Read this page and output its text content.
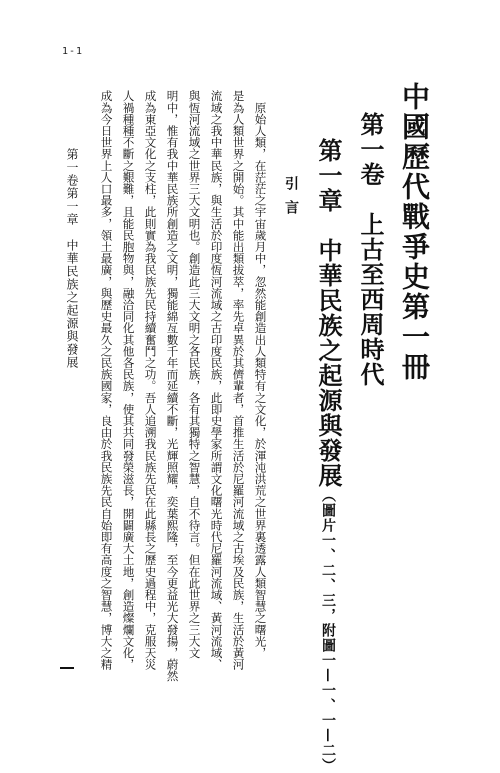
1-1
中國歷代戰爭史第一冊
第一卷　上古至西周時代
第一章　中華民族之起源與發展（圖片一、二、三，附圖一—一、一—二）
引言
　原始人類，在茫茫之宇宙歲月中，忽然能創造出人類特有之文化，於渾沌洪荒之世界裏透露人類智慧之曙光，
是為人類世界之開始。其中能出類拔萃，率先卓異於其儕輩者，首推生活於尼羅河流域之古埃及民族，生活於黃河
流域之我中華民族，與生活於印度恆河流域之古印度民族，此即史學家所謂文化曙光時代尼羅河流域、黃河流域、
與恆河流域之世界三大文明也。創造此三大文明之各民族，各有其獨特之智慧，自不待言。但在此世界之三大文
明中，惟有我中華民族所創造之文明，獨能綿亙數千年而延續不斷，光輝照耀，奕葉熙隆，至今更益光大發揚，蔚然
成為東亞文化之支柱，此則實為我民族先民持續奮鬥之功。吾人追溯我民族先民在此縣長之歷史過程中，克服天災
人禍種種不斷之艱難，且能民胞物與，融洽同化其他各民族，使其共同發榮滋長，開闢廣大土地，創造燦爛文化，
成為今日世界上人口最多，領土最廣，與歷史最久之民族國家，良由於我民族先民自始即有高度之智慧，博大之精
第一卷第一章　中華民族之起源與發展
